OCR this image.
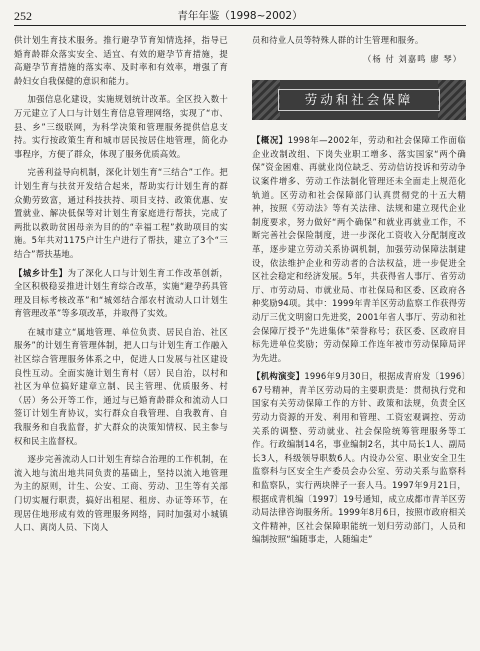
252	青年年鉴（1998~2002）

供计划生育技术服务。推行避孕节育知情选择，指导已婚育龄群众落实安全、适宜、有效的避孕节育措施，提高避孕节育措施的落实率、及时率和有效率，增强了育龄妇女自我保健的意识和能力。

加强信息化建设，实施规划统计改革。全区投入数十万元建立了人口与计划生育信息管理网络，实现了“市、县、乡”三级联网，为科学决策和管理服务提供信息支持。实行按政策生育和城市居民按居住地管理，简化办事程序，方便了群众，体现了服务优质高效。

完善利益导向机制，深化计划生育“三结合”工作。把计划生育与扶贫开发结合起来，帮助实行计划生育的群众勤劳致富，通过科技扶持、项目支持、政策优惠、安置就业、解决低保等对计划生育家庭进行帮扶，完成了两批以救助贫困母亲为目的的“幸福工程”救助项目的实施。5年共对1175户计生户进行了帮扶，建立了3个“三结合”帮扶基地。

【城乡计生】为了深化人口与计划生育工作改革创新，全区积极稳妥推进计划生育综合改革，实施“避孕药具管理及目标考核改革”和“城郊结合部农村流动人口计划生育管理改革”等多项改革，并取得了实效。

在城市建立“属地管理、单位负责、居民自治、社区服务”的计划生育管理体制，把人口与计划生育工作融入社区综合管理服务体系之中，促进人口发展与社区建设良性互动。全面实施计划生育村（居）民自治，以村和社区为单位搞好建章立制、民主管理、优质服务、村（居）务公开等工作，通过与已婚育龄群众和流动人口签订计划生育协议，实行群众自我管理、自我教育、自我服务和自我监督，扩大群众的决策知情权、民主参与权和民主监督权。

逐步完善流动人口计划生育综合治理的工作机制，在流入地与流出地共同负责的基础上，坚持以流入地管理为主的原则，计生、公安、工商、劳动、卫生等有关部门切实履行职责，搞好出租屋、租房、办证等环节，在现居住地形成有效的管理服务网络，同时加强对小城镇人口、离岗人员、下岗人

员和待业人员等特殊人群的计生管理和服务。

（杨 付 刘嘉鸣 廖 琴）
劳动和社会保障

【概况】1998年—2002年，劳动和社会保障工作面临企业改制改组、下岗失业职工增多、落实国家“两个确保”资金困难、再就业岗位缺乏、劳动信访投诉和劳动争议案件增多、劳动工作法制化管理还未全面走上规范化轨道。区劳动和社会保障部门认真贯彻党的十五大精神，按照《劳动法》等有关法律、法规和建立现代企业制度要求，努力做好“两个确保”和就业再就业工作，不断完善社会保险制度，进一步深化工资收入分配制度改革，逐步建立劳动关系协调机制，加强劳动保障法制建设，依法维护企业和劳动者的合法权益，进一步促进全区社会稳定和经济发展。5年，共获得省人事厅、省劳动厅、市劳动局、市就业局、市社保局和区委、区政府各种奖励94项。其中：1999年青羊区劳动监察工作获得劳动厅三优文明窗口先进奖，2001年省人事厅、劳动和社会保障厅授予“先进集体”荣誉称号；获区委、区政府目标先进单位奖励；劳动保障工作连年被市劳动保障局评为先进。

【机构演变】1996年9月30日，根据成青府发〔1996〕67号精神，青羊区劳动局的主要职责是：贯彻执行党和国家有关劳动保障工作的方针、政策和法规，负责全区劳动力资源的开发、利用和管理、工资宏观调控、劳动关系的调整、劳动就业、社会保险统筹管理服务等工作。行政编制14名，事业编制2名，其中局长1人、副局长3人，科级领导职数6人。内设办公室、职业安全卫生监察科与区安全生产委员会办公室、劳动关系与监察科和监察队，实行两块牌子一套人马。1997年9月21日，根据成青机编〔1997〕19号通知，成立成都市青羊区劳动局法律咨询服务所。1999年8月6日，按照市政府相关文件精神，区社会保障职能统一划归劳动部门，人员和编制按照“编随事走，人随编走”
